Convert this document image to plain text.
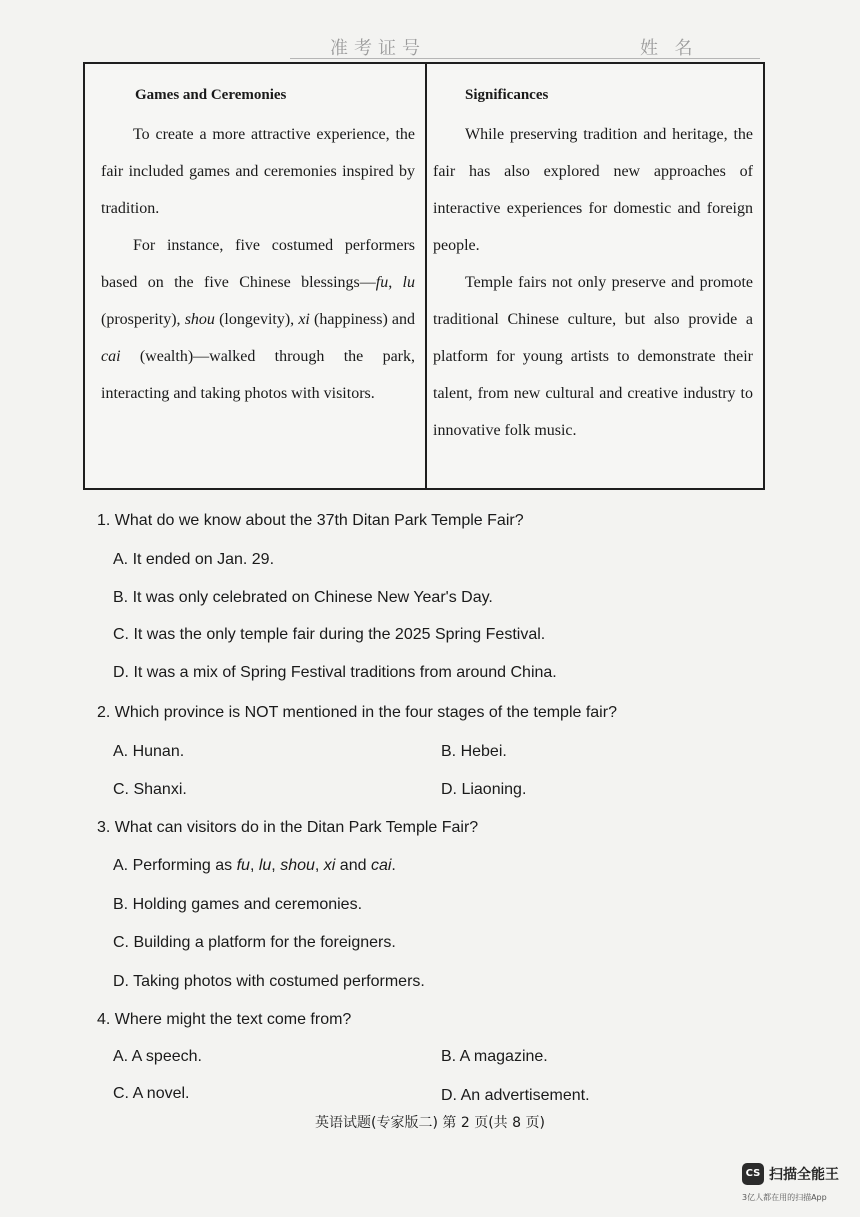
准考证号	姓 名
Games and Ceremonies

To create a more attractive experience, the fair included games and ceremonies inspired by tradition.

For instance, five costumed performers based on the five Chinese blessings—fu, lu (prosperity), shou (longevity), xi (happiness) and cai (wealth)—walked through the park, interacting and taking photos with visitors.

Significances

While preserving tradition and heritage, the fair has also explored new approaches of interactive experiences for domestic and foreign people.

Temple fairs not only preserve and promote traditional Chinese culture, but also provide a platform for young artists to demonstrate their talent, from new cultural and creative industry to innovative folk music.

1. What do we know about the 37th Ditan Park Temple Fair?
A. It ended on Jan. 29.
B. It was only celebrated on Chinese New Year's Day.
C. It was the only temple fair during the 2025 Spring Festival.
D. It was a mix of Spring Festival traditions from around China.
2. Which province is NOT mentioned in the four stages of the temple fair?
A. Hunan.	B. Hebei.
C. Shanxi.	D. Liaoning.
3. What can visitors do in the Ditan Park Temple Fair?
A. Performing as fu, lu, shou, xi and cai.
B. Holding games and ceremonies.
C. Building a platform for the foreigners.
D. Taking photos with costumed performers.
4. Where might the text come from?
A. A speech.	B. A magazine.
C. A novel.	D. An advertisement.
英语试题(专家版二) 第 2 页(共 8 页)
CS 扫描全能王
3亿人都在用的扫描App
